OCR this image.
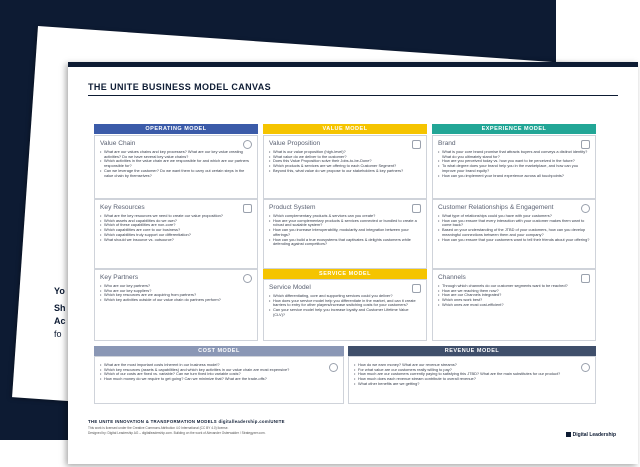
Yo
Sh
Ac
fo
THE UNITE BUSINESS MODEL CANVAS
OPERATING MODEL	VALUE MODEL	EXPERIENCE MODEL
Value Chain
• What are our values chains and key processes? What are our key value creating activities? Do we have several key value chains?
• Which activities in the value chain are we responsible for and which are our partners responsible for?
• Can we leverage the customer? Do we want them to carry out certain steps in the value chain by themselves?
Value Proposition
• What is our value proposition (high-level)?
• What value do we deliver to the customer?
• Does this Value Proposition solve their Jobs-to-be-Done?
• Which products & services are we offering to each Customer Segment?
• Beyond this, what value do we propose to our stakeholders & key partners?
Brand
• What is your core brand promise that attracts buyers and conveys a distinct identity? What do you ultimately stand for?
• How are you perceived today vs. how you want to be perceived in the future?
• To what degree does your brand help you in the marketplace, and how can you improve your brand equity?
• How can you implement your brand experience across all touchpoints?
Key Resources
• What are the key resources we need to create our value proposition?
• Which assets and capabilities do we own?
• Which of these capabilities are non-core?
• Which capabilities are core to our business?
• Which capabilities truly support our differentiation?
• What should we insource vs. outsource?
Product System
• Which complementary products & services can you create?
• How are your complementary products & services connected or bundled to create a robust and scalable system?
• How can you increase interoperability, modularity and integration between your offerings?
• How can you build a true ecosystems that captivates & delights customers while defending against competitors?
Customer Relationships & Engagement
• What type of relationships could you have with your customers?
• How can you ensure that every interaction with your customer makes them want to come back?
• Based on your understanding of the JTBD of your customers, how can you develop meaningful connections between them and your company?
• How can you ensure that your customers want to tell their friends about your offering?
Key Partners
• Who are our key partners?
• Who are our key suppliers?
• Which key resources are we acquiring from partners?
• Which key activities outside of our value chain do partners perform?
SERVICE MODEL
Service Model
• Which differentiating, core and supporting services could you deliver?
• How does your service model help you differentiate in the market, and can it create barriers to entry for other players/increase switching costs for your customers?
• Can your service model help you increase loyalty and Customer Lifetime Value (CLV)?
Channels
• Through which channels do our customer segments want to be reached?
• How are we reaching them now?
• How are our Channels integrated?
• Which ones work best?
• Which ones are most cost-efficient?
COST MODEL	REVENUE MODEL
• What are the most important costs inherent in our business model?
• Which key resources (assets & capabilities) and which key activities in our value chain are most expensive?
• Which of our costs are fixed vs. variable? Can we turn fixed into variable costs?
• How much money do we require to get going? Can we minimize that? What are the trade-offs?
• How do we earn money? What are our revenue streams?
• For what value are our customers really willing to pay?
• How much are our customers currently paying to satisfying this JTBD? What are the main substitutes for our product?
• How much does each revenue stream contribute to overall revenue?
• What other benefits are we getting?
THE UNITE INNOVATION & TRANSFORMATION MODELS digitalleadership.com/UNITE
This work is licensed under the Creative Commons Attribution 4.0 International (CC BY 4.0) license.
Designed by: Digital Leadership AG – digitalleadership.com. Building on the work of Alexander Osterwalder / Strategyzer.com.	Digital Leadership
